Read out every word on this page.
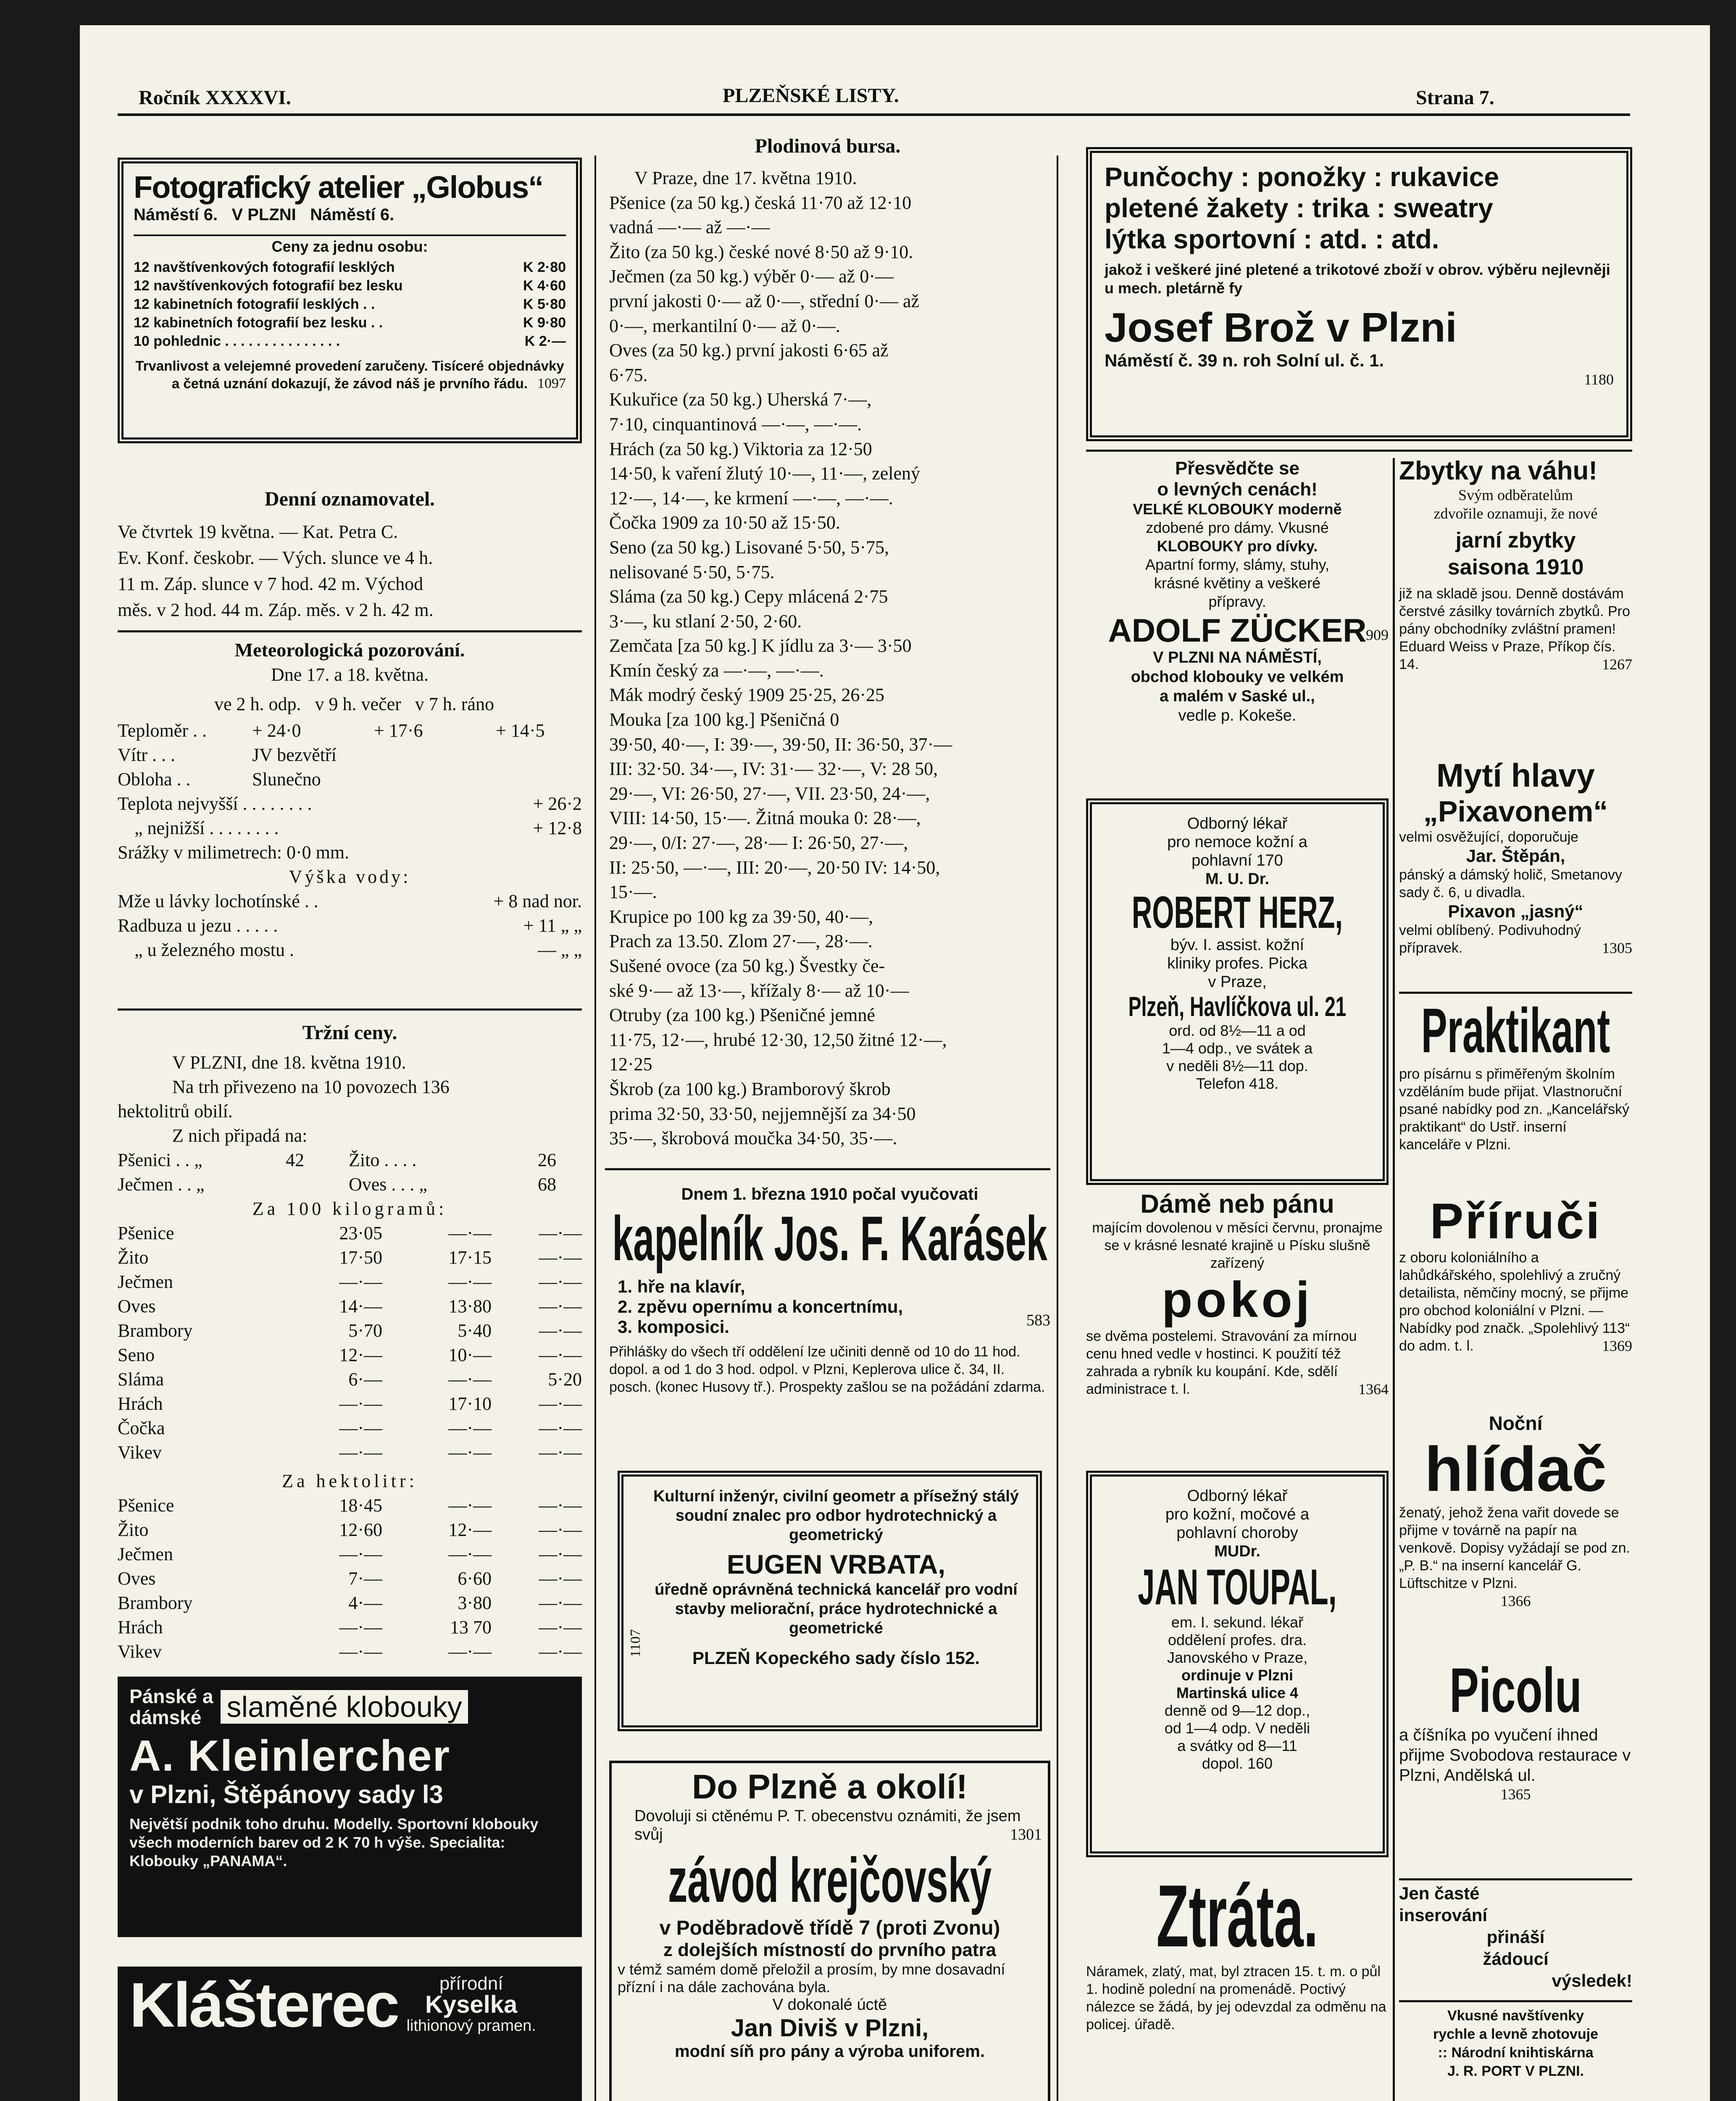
Ročník XXXXVI.	PLZEŇSKÉ LISTY.	Strana 7.
Fotografický atelier „Globus“
Náměstí 6.   V PLZNI   Náměstí 6.
Ceny za jednu osobu:
12 navštívenkových fotografií lesklých	K 2·80
12 navštívenkových fotografií bez lesku	K 4·60
12 kabinetních fotografií lesklých . .	K 5·80
12 kabinetních fotografií bez lesku . .	K 9·80
10 pohlednic . . . . . . . . . . . . . . .	K 2·—
Trvanlivost a velejemné provedení zaručeny. Tisíceré objednávky a četná uznání dokazují, že závod náš je prvního řádu. 1097
Denní oznamovatel.
Ve čtvrtek 19 května. — Kat. Petra C.
Ev. Konf. českobr. — Vých. slunce ve 4 h.
11 m. Záp. slunce v 7 hod. 42 m. Východ
měs. v 2 hod. 44 m. Záp. měs. v 2 h. 42 m.
Meteorologická pozorování.
Dne 17. a 18. května.
ve 2 h. odp.   v 9 h. večer   v 7 h. ráno
Teploměr . .	+ 24·0	+ 17·6	+ 14·5
Vítr . . .	JV bezvětří
Obloha . .	Slunečno
Teplota nejvyšší . . . . . . . .	+ 26·2
„ nejnižší . . . . . . . .	+ 12·8
Srážky v milimetrech: 0·0 mm.
Výška vody:
Mže u lávky lochotínské . .	+ 8 nad nor.
Radbuza u jezu . . . . .	+ 11 „ „
„ u železného mostu .	— „ „
Tržní ceny.
V PLZNI, dne 18. května 1910.
Na trh přivezeno na 10 povozech 136
hektolitrů obilí.
Z nich připadá na:
Pšenici . . „	42	Žito . . . .	26
Ječmen . . „	Oves . . . „	68
Za 100 kilogramů:
Pšenice	23·05	—·—	—·—
Žito	17·50	17·15	—·—
Ječmen	—·—	—·—	—·—
Oves	14·—	13·80	—·—
Brambory	5·70	5·40	—·—
Seno	12·—	10·—	—·—
Sláma	6·—	—·—	5·20
Hrách	—·—	17·10	—·—
Čočka	—·—	—·—	—·—
Vikev	—·—	—·—	—·—
Za hektolitr:
Pšenice	18·45	—·—	—·—
Žito	12·60	12·—	—·—
Ječmen	—·—	—·—	—·—
Oves	7·—	6·60	—·—
Brambory	4·—	3·80	—·—
Hrách	—·—	13 70	—·—
Vikev	—·—	—·—	—·—
Pánské a
dámské slaměné klobouky
A. Kleinlercher
v Plzni, Štěpánovy sady l3
Největší podnik toho druhu. Modelly. Sportovní klobouky všech moderních barev od 2 K 70 h výše. Specialita: Klobouky „PANAMA“.
Klášterec	přírodní
Kyselka
lithionový pramen.
Plodinová bursa.
V Praze, dne 17. května 1910.
Pšenice (za 50 kg.) česká 11·70 až 12·10
vadná —·— až —·—
Žito (za 50 kg.) české nové 8·50 až 9·10.
Ječmen (za 50 kg.) výběr 0·— až 0·—
první jakosti 0·— až 0·—, střední 0·— až
0·—, merkantilní 0·— až 0·—.
Oves (za 50 kg.) první jakosti 6·65 až
6·75.
Kukuřice (za 50 kg.) Uherská 7·—,
7·10, cinquantinová —·—, —·—.
Hrách (za 50 kg.) Viktoria za 12·50
14·50, k vaření žlutý 10·—, 11·—, zelený
12·—, 14·—, ke krmení —·—, —·—.
Čočka 1909 za 10·50 až 15·50.
Seno (za 50 kg.) Lisované 5·50, 5·75,
nelisované 5·50, 5·75.
Sláma (za 50 kg.) Cepy mlácená 2·75
3·—, ku stlaní 2·50, 2·60.
Zemčata [za 50 kg.] K jídlu za 3·— 3·50
Kmín český za —·—, —·—.
Mák modrý český 1909 25·25, 26·25
Mouka [za 100 kg.] Pšeničná 0
39·50, 40·—, I: 39·—, 39·50, II: 36·50, 37·—
III: 32·50. 34·—, IV: 31·— 32·—, V: 28 50,
29·—, VI: 26·50, 27·—, VII. 23·50, 24·—,
VIII: 14·50, 15·—. Žitná mouka 0: 28·—,
29·—, 0/I: 27·—, 28·— I: 26·50, 27·—,
II: 25·50, —·—, III: 20·—, 20·50 IV: 14·50,
15·—.
Krupice po 100 kg za 39·50, 40·—,
Prach za 13.50. Zlom 27·—, 28·—.
Sušené ovoce (za 50 kg.) Švestky če-
ské 9·— až 13·—, křížaly 8·— až 10·—
Otruby (za 100 kg.) Pšeničné jemné
11·75, 12·—, hrubé 12·30, 12,50 žitné 12·—,
12·25
Škrob (za 100 kg.) Bramborový škrob
prima 32·50, 33·50, nejjemnější za 34·50
35·—, škrobová moučka 34·50, 35·—.
Dnem 1. března 1910 počal vyučovati
kapelník Jos. F. Karásek
1. hře na klavír,
2. zpěvu opernímu a koncertnímu,
3. komposici.	583
Přihlášky do všech tří oddělení lze učiniti denně od 10 do 11 hod. dopol. a od 1 do 3 hod. odpol. v Plzni, Keplerova ulice č. 34, II. posch. (konec Husovy tř.). Prospekty zašlou se na požádání zdarma.
Kulturní inženýr, civilní geometr a přísežný stálý soudní znalec pro odbor hydrotechnický a geometrický
EUGEN VRBATA,
úředně oprávněná technická kancelář pro vodní stavby meliorační, práce hydrotechnické a geometrické
PLZEŇ Kopeckého sady číslo 152.
1107
Do Plzně a okolí!
Dovoluji si ctěnému P. T. obecenstvu oznámiti, že jsem svůj	1301
závod krejčovský
v Poděbradově třídě 7 (proti Zvonu)
z dolejších místností do prvního patra
v témž samém domě přeložil a prosím, by mne dosavadní přízní i na dále zachována byla.
V dokonalé úctě
Jan Diviš v Plzni,
modní síň pro pány a výroba uniforem.
Punčochy : ponožky : rukavice
pletené žakety : trika : sweatry
lýtka sportovní : atd. : atd.
jakož i veškeré jiné pletené a trikotové zboží v obrov. výběru nejlevněji u mech. pletárně fy
Josef Brož v Plzni
Náměstí č. 39 n. roh Solní ul. č. 1.
1180
Přesvědčte se
o levných cenách!
VELKÉ KLOBOUKY moderně
zdobené pro dámy. Vkusné
KLOBOUKY pro dívky.
Apartní formy, slámy, stuhy,
krásné květiny a veškeré
přípravy.
909
ADOLF ZÜCKER
V PLZNI NA NÁMĚSTÍ,
obchod klobouky ve velkém
a malém v Saské ul.,
vedle p. Kokeše.
Zbytky na váhu!
Svým odběratelům
zdvořile oznamuji, že nové
jarní zbytky
saisona 1910
již na skladě jsou. Denně dostávám čerstvé zásilky továrních zbytků. Pro pány obchodníky zvláštní pramen! Eduard Weiss v Praze, Příkop čís. 14.	1267
Odborný lékař
pro nemoce kožní a
pohlavní 170
M. U. Dr.
ROBERT HERZ,
býv. I. assist. kožní
kliniky profes. Picka
v Praze,
Plzeň, Havlíčkova ul. 21
ord. od 8½—11 a od
1—4 odp., ve svátek a
v neděli 8½—11 dop.
Telefon 418.
Mytí hlavy
„Pixavonem“
velmi osvěžující, doporučuje
Jar. Štěpán,
pánský a dámský holič, Smetanovy sady č. 6, u divadla.
Pixavon „jasný“
velmi oblíbený. Podivuhodný přípravek.	1305
Praktikant
pro písárnu s přiměřeným školním vzděláním bude přijat. Vlastnoruční psané nabídky pod zn. „Kancelářský praktikant“ do Ustř. inserní kanceláře v Plzni.
Dámě neb pánu
majícím dovolenou v měsíci červnu, pronajme se v krásné lesnaté krajině u Písku slušně zařízený
pokoj
se dvěma postelemi. Stravování za mírnou cenu hned vedle v hostinci. K použití též zahrada a rybník ku koupání. Kde, sdělí administrace t. l.	1364
Příruči
z oboru koloniálního a lahůdkářského, spolehlivý a zručný detailista, němčiny mocný, se přijme pro obchod koloniální v Plzni. — Nabídky pod značk. „Spolehlivý 113“ do adm. t. l.	1369
Odborný lékař
pro kožní, močové a
pohlavní choroby
MUDr.
JAN TOUPAL,
em. I. sekund. lékař
oddělení profes. dra.
Janovského v Praze,
ordinuje v Plzni
Martinská ulice 4
denně od 9—12 dop.,
od 1—4 odp. V neděli
a svátky od 8—11
dopol. 160
Noční
hlídač
ženatý, jehož žena vařit dovede se přijme v továrně na papír na venkově. Dopisy vyžádají se pod zn. „P. B.“ na inserní kancelář G. Lüftschitze v Plzni.
1366
Ztráta.
Náramek, zlatý, mat, byl ztracen 15. t. m. o půl 1. hodině polední na promenádě. Poctivý nálezce se žádá, by jej odevzdal za odměnu na policej. úřadě.
Picolu
a číšníka po vyučení ihned přijme Svobodova restaurace v Plzni, Andělská ul.
1365
Jen časté
inserování
přináší
žádoucí
výsledek!
Vkusné navštívenky
rychle a levně zhotovuje
:: Národní knihtiskárna
J. R. PORT V PLZNI.
